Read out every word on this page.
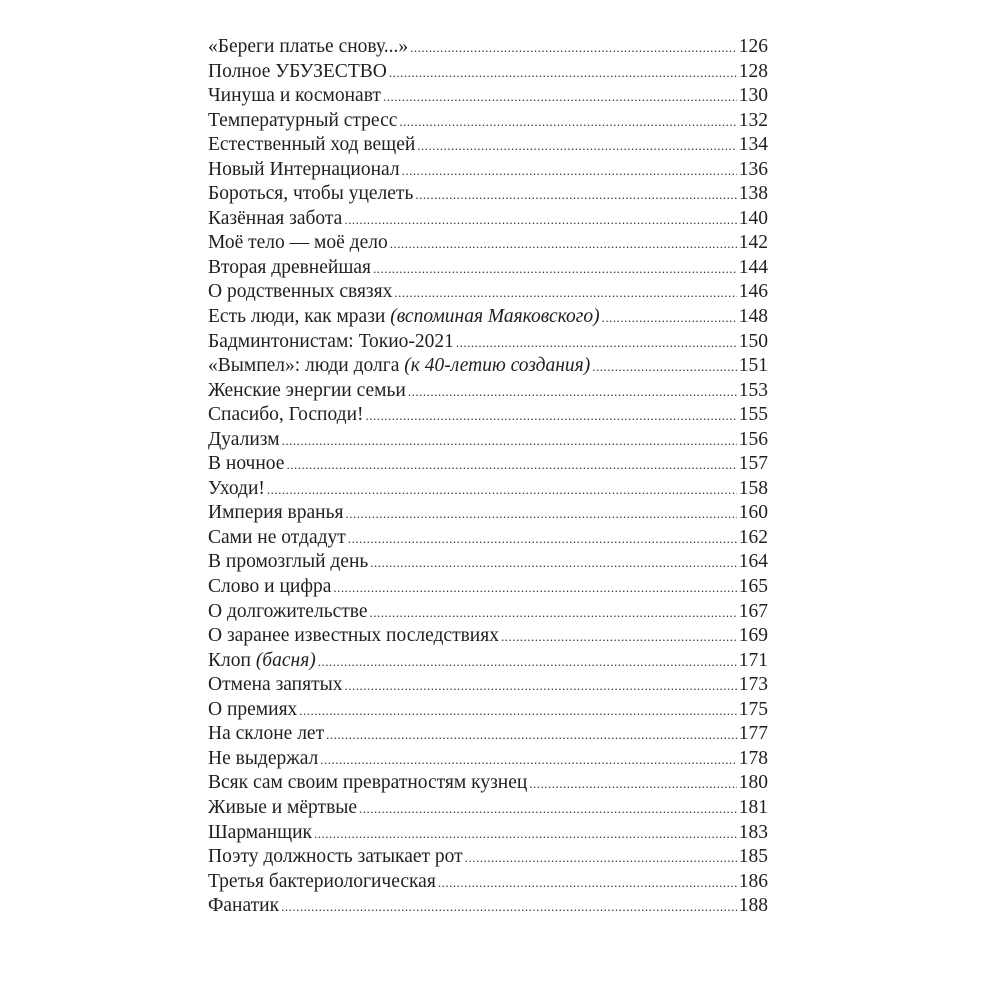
«Береги платье снову...» .....	126
Полное УБУЗЕСТВО .....	128
Чинуша и космонавт .....	130
Температурный стресс .....	132
Естественный ход вещей .....	134
Новый Интернационал .....	136
Бороться, чтобы уцелеть .....	138
Казённая забота .....	140
Моё тело — моё дело .....	142
Вторая древнейшая .....	144
О родственных связях .....	146
Есть люди, как мрази (вспоминая Маяковского) .....	148
Бадминтонистам: Токио-2021 .....	150
«Вымпел»: люди долга (к 40-летию создания) .....	151
Женские энергии семьи .....	153
Спасибо, Господи! .....	155
Дуализм .....	156
В ночное .....	157
Уходи! .....	158
Империя вранья .....	160
Сами не отдадут .....	162
В промозглый день .....	164
Слово и цифра .....	165
О долгожительстве .....	167
О заранее известных последствиях .....	169
Клоп (басня) .....	171
Отмена запятых .....	173
О премиях .....	175
На склоне лет .....	177
Не выдержал .....	178
Всяк сам своим превратностям кузнец .....	180
Живые и мёртвые .....	181
Шарманщик .....	183
Поэту должность затыкает рот .....	185
Третья бактериологическая .....	186
Фанатик .....	188
